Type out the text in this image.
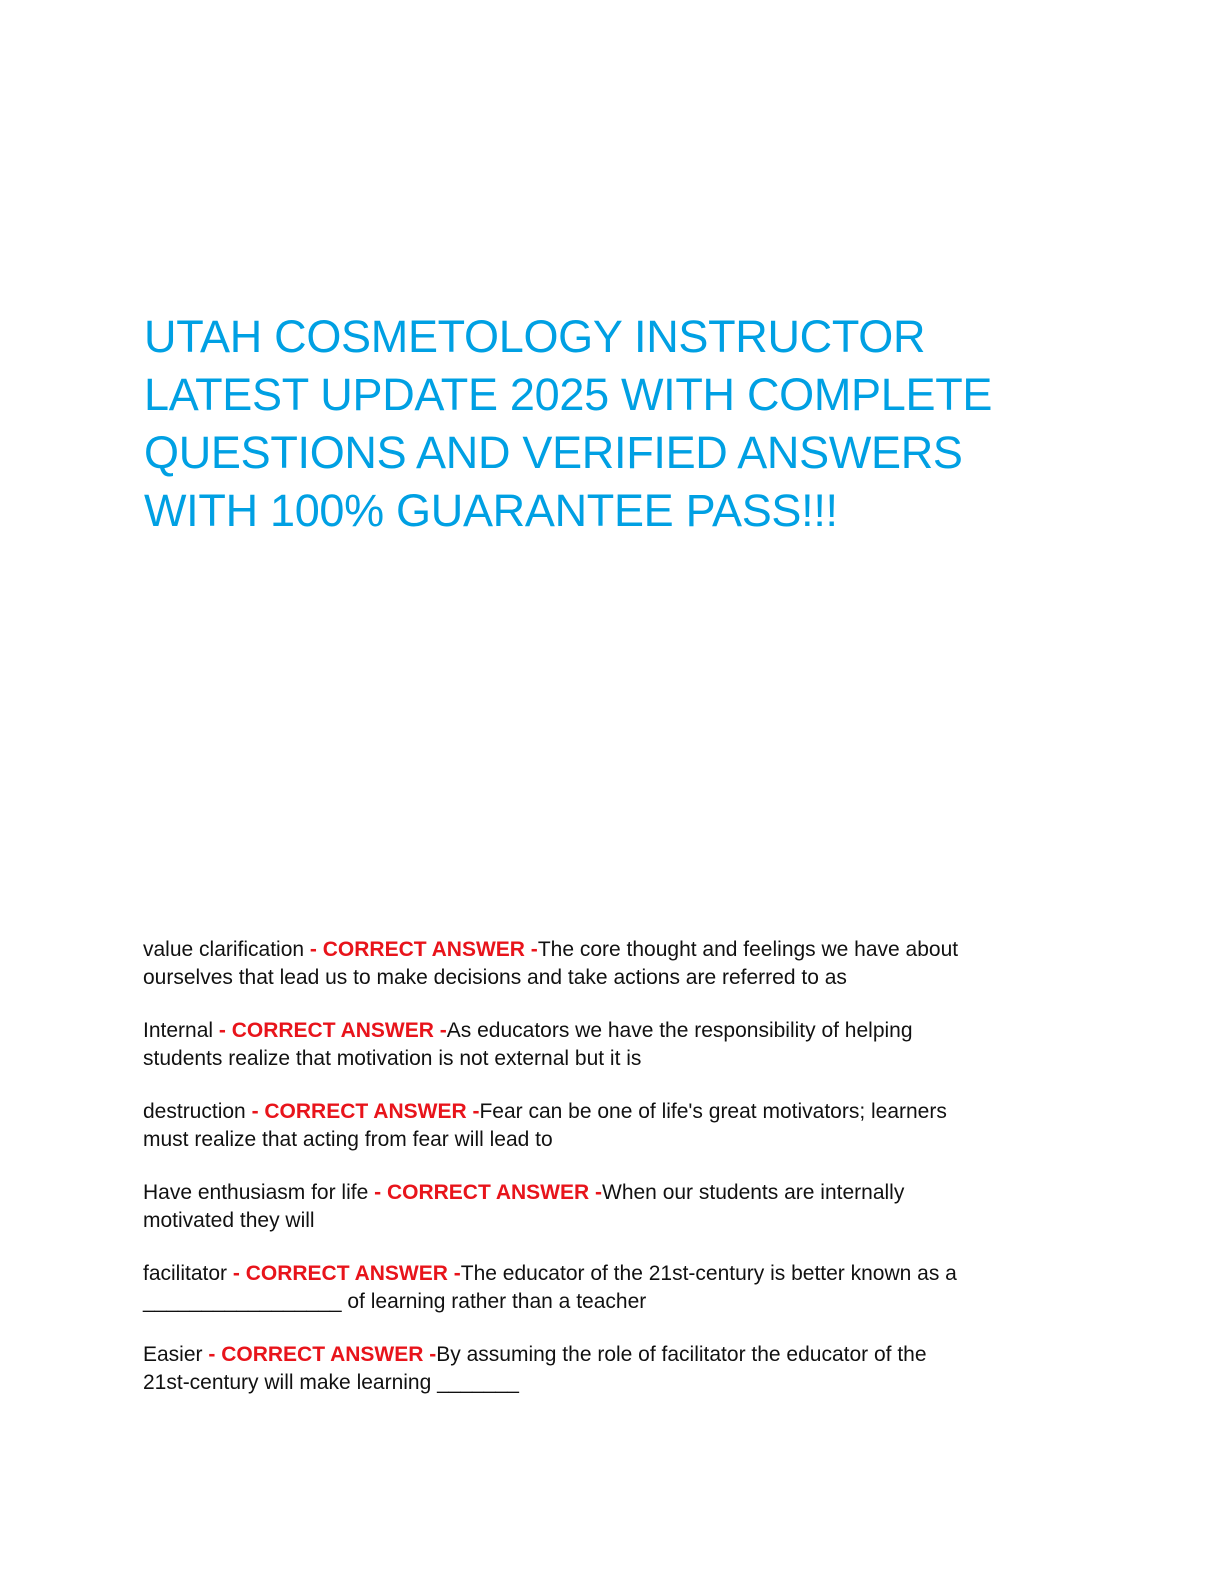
UTAH COSMETOLOGY INSTRUCTOR
LATEST UPDATE 2025 WITH COMPLETE
QUESTIONS AND VERIFIED ANSWERS
WITH 100% GUARANTEE PASS!!!
value clarification - CORRECT ANSWER -The core thought and feelings we have about
ourselves that lead us to make decisions and take actions are referred to as
Internal - CORRECT ANSWER -As educators we have the responsibility of helping
students realize that motivation is not external but it is
destruction - CORRECT ANSWER -Fear can be one of life's great motivators; learners
must realize that acting from fear will lead to
Have enthusiasm for life - CORRECT ANSWER -When our students are internally
motivated they will
facilitator - CORRECT ANSWER -The educator of the 21st-century is better known as a
_________________ of learning rather than a teacher
Easier - CORRECT ANSWER -By assuming the role of facilitator the educator of the
21st-century will make learning _______
